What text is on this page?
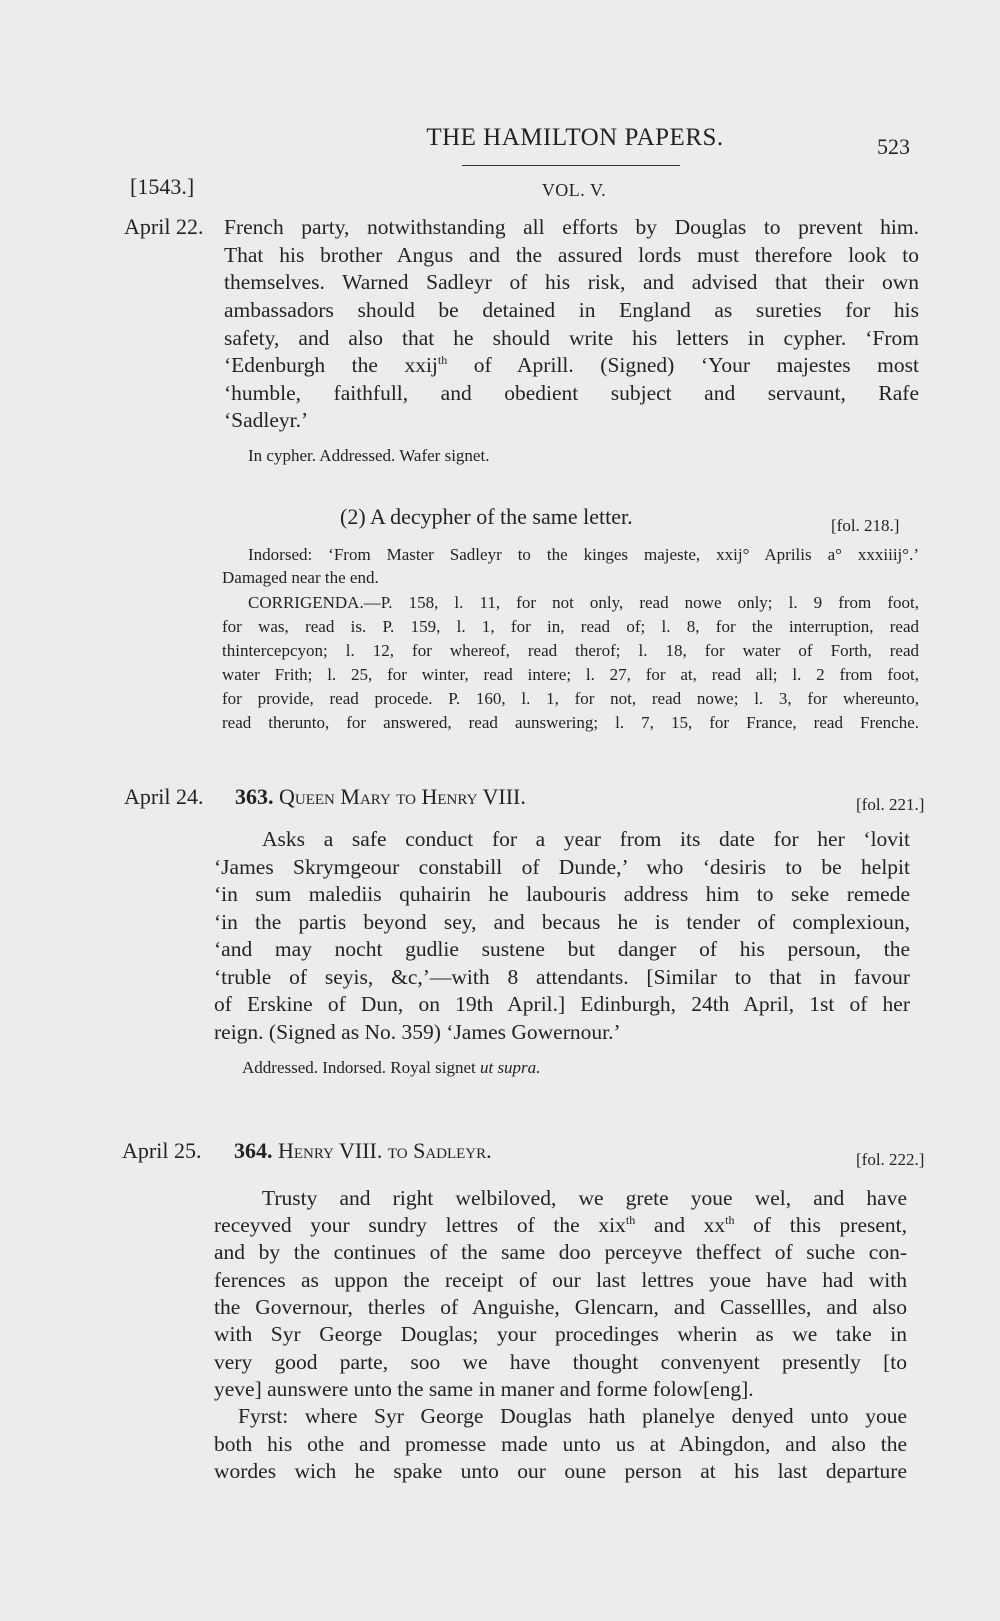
THE HAMILTON PAPERS.	523
[1543.]	VOL. V.
April 22. French party, notwithstanding all efforts by Douglas to prevent him.
That his brother Angus and the assured lords must therefore look to
themselves. Warned Sadleyr of his risk, and advised that their own
ambassadors should be detained in England as sureties for his
safety, and also that he should write his letters in cypher. ‘From
‘Edenburgh the xxij$^{th}$ of Aprill. (Signed) ‘Your majestes most
‘humble, faithfull, and obedient subject and servaunt, Rafe
‘Sadleyr.’
In cypher. Addressed. Wafer signet.
(2) A decypher of the same letter.	[fol. 218.]
Indorsed: ‘From Master Sadleyr to the kinges majeste, xxij° Aprilis a° xxxiiij°.’
Damaged near the end.
CORRIGENDA.—P. 158, l. 11, for not only, read nowe only; l. 9 from foot,
for was, read is. P. 159, l. 1, for in, read of; l. 8, for the interruption, read
thintercepcyon; l. 12, for whereof, read therof; l. 18, for water of Forth, read
water Frith; l. 25, for winter, read intere; l. 27, for at, read all; l. 2 from foot,
for provide, read procede. P. 160, l. 1, for not, read nowe; l. 3, for whereunto,
read therunto, for answered, read aunswering; l. 7, 15, for France, read Frenche.
April 24. 363. Queen Mary to Henry VIII.	[fol. 221.]
Asks a safe conduct for a year from its date for her ‘lovit
‘James Skrymgeour constabill of Dunde,’ who ‘desiris to be helpit
‘in sum malediis quhairin he laubouris address him to seke remede
‘in the partis beyond sey, and becaus he is tender of complexioun,
‘and may nocht gudlie sustene but danger of his persoun, the
‘truble of seyis, &c,’—with 8 attendants. [Similar to that in favour
of Erskine of Dun, on 19th April.] Edinburgh, 24th April, 1st of her
reign. (Signed as No. 359) ‘James Gowernour.’
Addressed. Indorsed. Royal signet ut supra.
April 25. 364. Henry VIII. to Sadleyr.	[fol. 222.]
Trusty and right welbiloved, we grete youe wel, and have
receyved your sundry lettres of the xix$^{th}$ and $xx^{th}$ of this present,
and by the continues of the same doo perceyve theffect of suche con-
ferences as uppon the receipt of our last lettres youe have had with
the Governour, therles of Anguishe, Glencarn, and Cassellles, and also
with Syr George Douglas; your procedinges wherin as we take in
very good parte, soo we have thought convenyent presently [to
yeve] aunswere unto the same in maner and forme folow[eng].
Fyrst: where Syr George Douglas hath planelye denyed unto youe
both his othe and promesse made unto us at Abingdon, and also the
wordes wich he spake unto our oune person at his last departure
